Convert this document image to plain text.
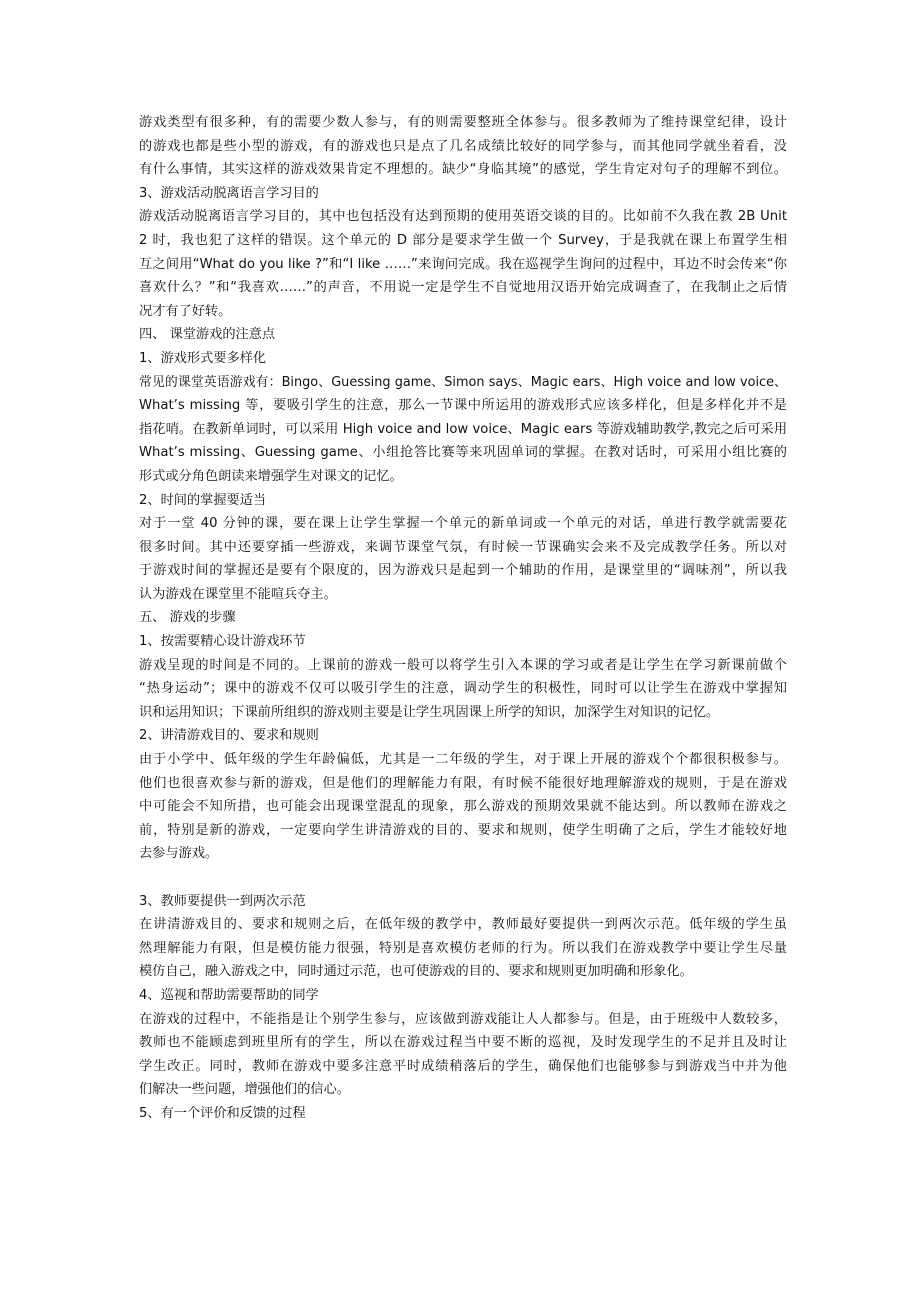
游戏类型有很多种，有的需要少数人参与，有的则需要整班全体参与。很多教师为了维持课堂纪律，设计
的游戏也都是些小型的游戏，有的游戏也只是点了几名成绩比较好的同学参与，而其他同学就坐着看，没
有什么事情，其实这样的游戏效果肯定不理想的。缺少“身临其境”的感觉，学生肯定对句子的理解不到位。
3、游戏活动脱离语言学习目的
游戏活动脱离语言学习目的，其中也包括没有达到预期的使用英语交谈的目的。比如前不久我在教 2B Unit
2 时，我也犯了这样的错误。这个单元的 D 部分是要求学生做一个 Survey，于是我就在课上布置学生相
互之间用“What do you like ?”和“I like ……”来询问完成。我在巡视学生询问的过程中，耳边不时会传来“你
喜欢什么？”和“我喜欢……”的声音，不用说一定是学生不自觉地用汉语开始完成调查了，在我制止之后情
况才有了好转。
四、 课堂游戏的注意点
1、游戏形式要多样化
常见的课堂英语游戏有：Bingo、Guessing game、Simon says、Magic ears、High voice and low voice、
What’s missing 等，要吸引学生的注意，那么一节课中所运用的游戏形式应该多样化，但是多样化并不是
指花哨。在教新单词时，可以采用 High voice and low voice、Magic ears 等游戏辅助教学,教完之后可采用
What’s missing、Guessing game、小组抢答比赛等来巩固单词的掌握。在教对话时，可采用小组比赛的
形式或分角色朗读来增强学生对课文的记忆。
2、时间的掌握要适当
对于一堂 40 分钟的课，要在课上让学生掌握一个单元的新单词或一个单元的对话，单进行教学就需要花
很多时间。其中还要穿插一些游戏，来调节课堂气氛，有时候一节课确实会来不及完成教学任务。所以对
于游戏时间的掌握还是要有个限度的，因为游戏只是起到一个辅助的作用，是课堂里的“调味剂”，所以我
认为游戏在课堂里不能喧兵夺主。
五、 游戏的步骤
1、按需要精心设计游戏环节
游戏呈现的时间是不同的。上课前的游戏一般可以将学生引入本课的学习或者是让学生在学习新课前做个
“热身运动”；课中的游戏不仅可以吸引学生的注意，调动学生的积极性，同时可以让学生在游戏中掌握知
识和运用知识；下课前所组织的游戏则主要是让学生巩固课上所学的知识，加深学生对知识的记忆。
2、讲清游戏目的、要求和规则
由于小学中、低年级的学生年龄偏低，尤其是一二年级的学生，对于课上开展的游戏个个都很积极参与。
他们也很喜欢参与新的游戏，但是他们的理解能力有限，有时候不能很好地理解游戏的规则，于是在游戏
中可能会不知所措，也可能会出现课堂混乱的现象，那么游戏的预期效果就不能达到。所以教师在游戏之
前，特别是新的游戏，一定要向学生讲清游戏的目的、要求和规则，使学生明确了之后，学生才能较好地
去参与游戏。
3、教师要提供一到两次示范
在讲清游戏目的、要求和规则之后，在低年级的教学中，教师最好要提供一到两次示范。低年级的学生虽
然理解能力有限，但是模仿能力很强，特别是喜欢模仿老师的行为。所以我们在游戏教学中要让学生尽量
模仿自己，融入游戏之中，同时通过示范，也可使游戏的目的、要求和规则更加明确和形象化。
4、巡视和帮助需要帮助的同学
在游戏的过程中，不能指是让个别学生参与，应该做到游戏能让人人都参与。但是，由于班级中人数较多，
教师也不能顾虑到班里所有的学生，所以在游戏过程当中要不断的巡视，及时发现学生的不足并且及时让
学生改正。同时，教师在游戏中要多注意平时成绩稍落后的学生，确保他们也能够参与到游戏当中并为他
们解决一些问题，增强他们的信心。
5、有一个评价和反馈的过程
